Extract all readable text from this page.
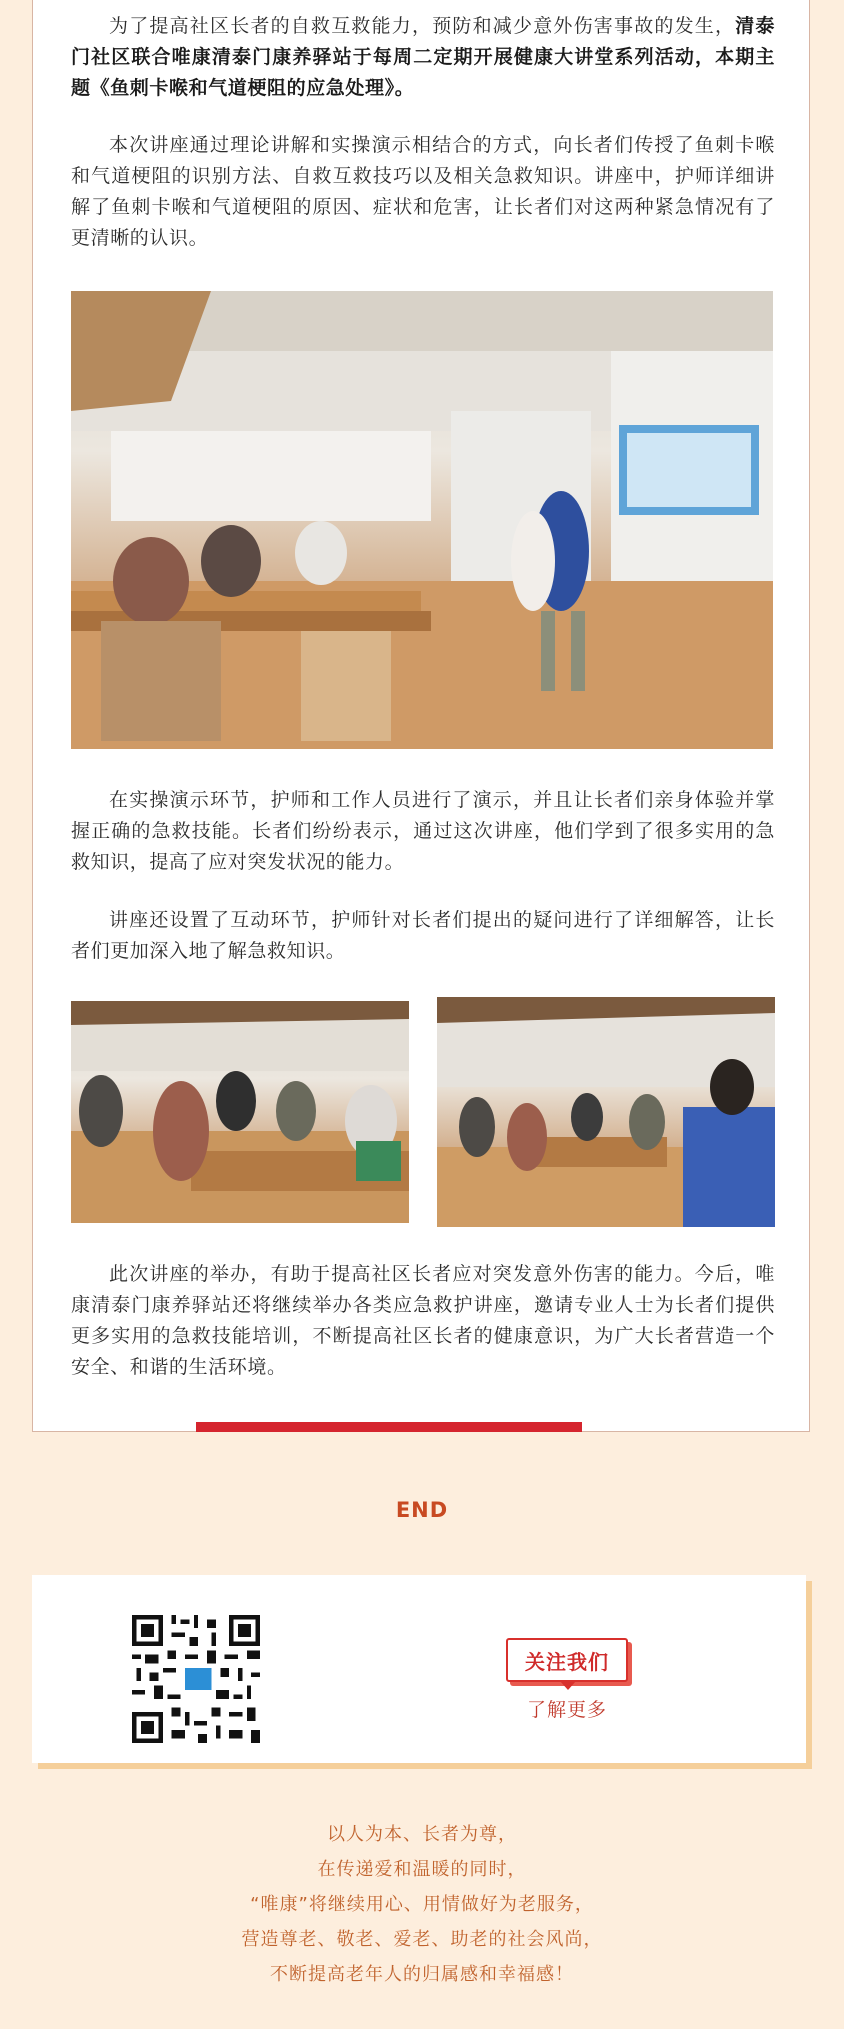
为了提高社区长者的自救互救能力，预防和减少意外伤害事故的发生，清泰门社区联合唯康清泰门康养驿站于每周二定期开展健康大讲堂系列活动，本期主题《鱼刺卡喉和气道梗阻的应急处理》。

本次讲座通过理论讲解和实操演示相结合的方式，向长者们传授了鱼刺卡喉和气道梗阻的识别方法、自救互救技巧以及相关急救知识。讲座中，护师详细讲解了鱼刺卡喉和气道梗阻的原因、症状和危害，让长者们对这两种紧急情况有了更清晰的认识。

在实操演示环节，护师和工作人员进行了演示，并且让长者们亲身体验并掌握正确的急救技能。长者们纷纷表示，通过这次讲座，他们学到了很多实用的急救知识，提高了应对突发状况的能力。

讲座还设置了互动环节，护师针对长者们提出的疑问进行了详细解答，让长者们更加深入地了解急救知识。

此次讲座的举办，有助于提高社区长者应对突发意外伤害的能力。今后，唯康清泰门康养驿站还将继续举办各类应急救护讲座，邀请专业人士为长者们提供更多实用的急救技能培训，不断提高社区长者的健康意识，为广大长者营造一个安全、和谐的生活环境。

END
关注我们
了解更多
以人为本、长者为尊，
在传递爱和温暖的同时，
“唯康”将继续用心、用情做好为老服务，
营造尊老、敬老、爱老、助老的社会风尚，
不断提高老年人的归属感和幸福感！
